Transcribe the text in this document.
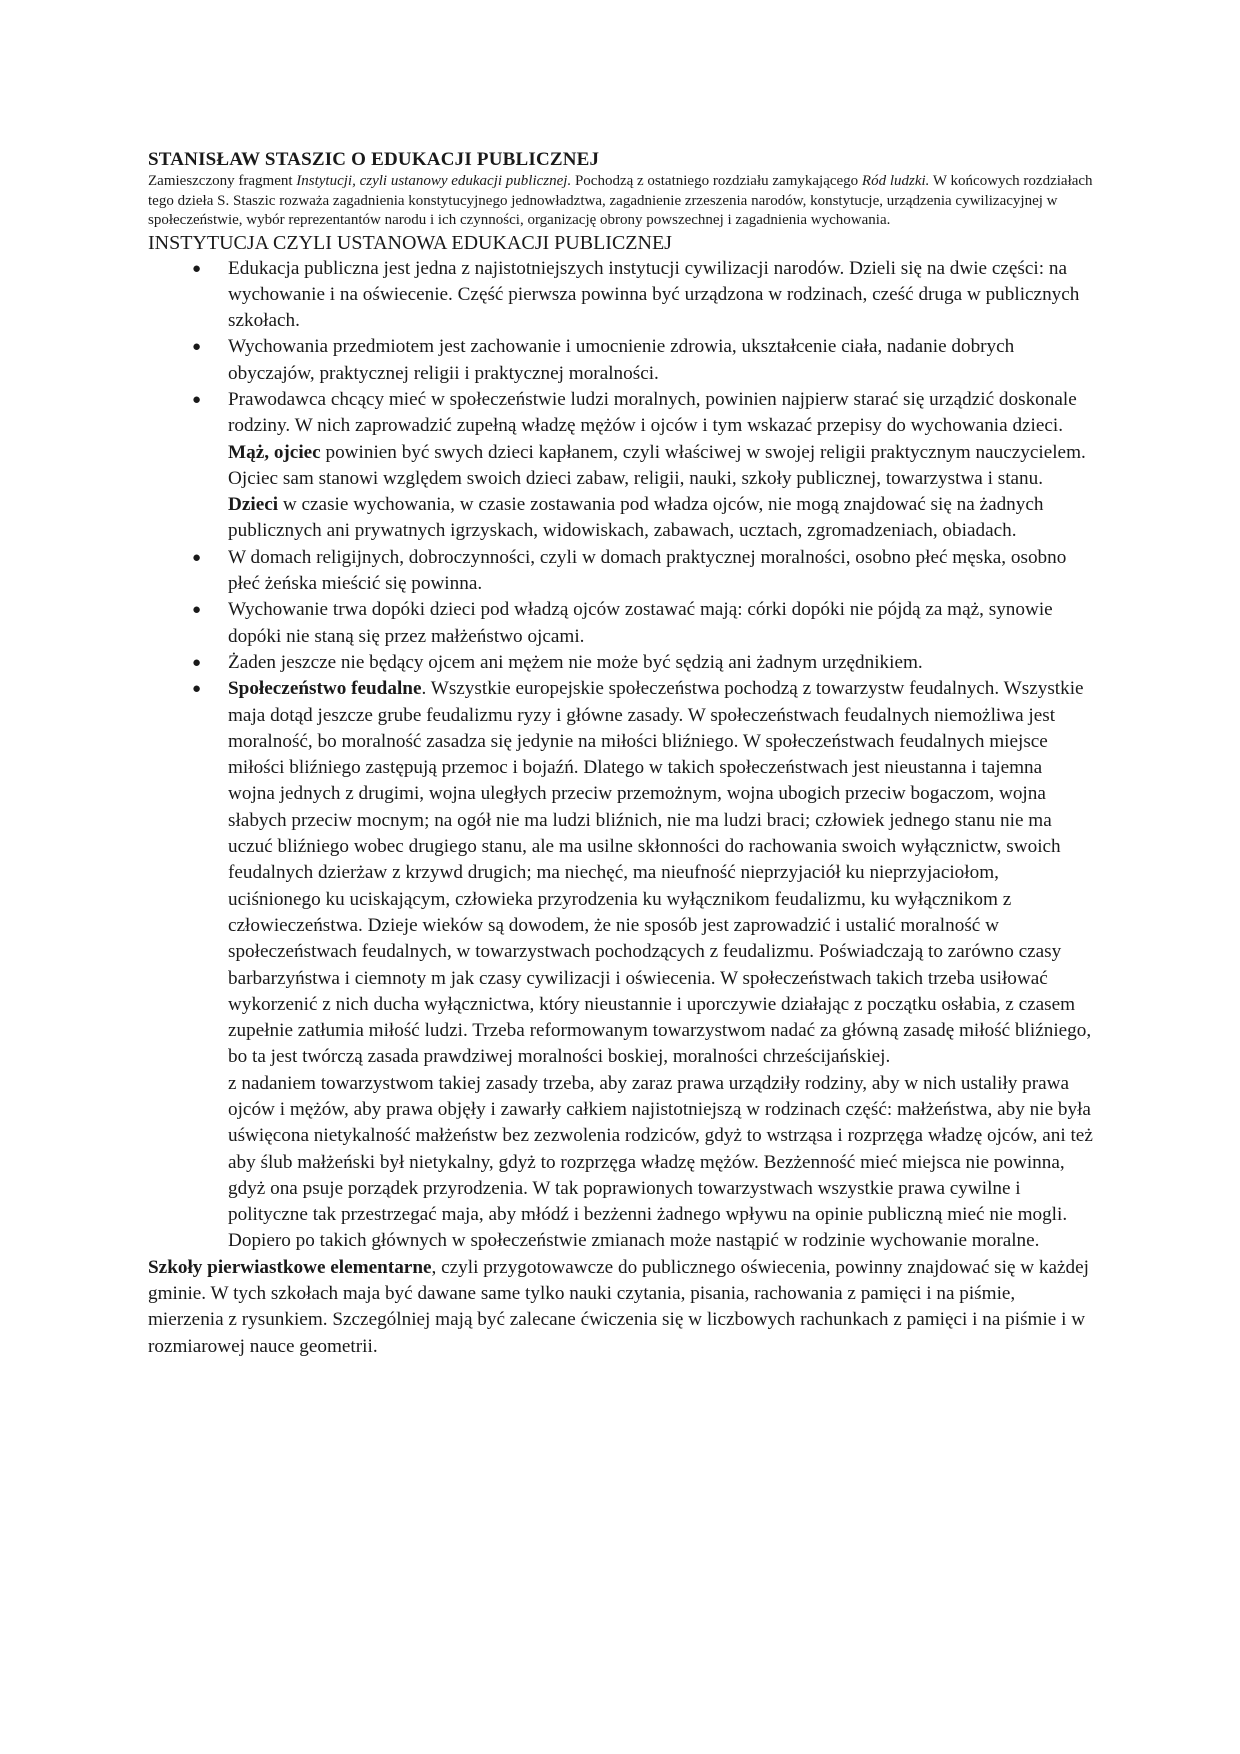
STANISŁAW STASZIC O EDUKACJI PUBLICZNEJ

Zamieszczony fragment Instytucji, czyli ustanowy edukacji publicznej. Pochodzą z ostatniego rozdziału zamykającego Ród ludzki. W końcowych rozdziałach tego dzieła S. Staszic rozważa zagadnienia konstytucyjnego jednowładztwa, zagadnienie zrzeszenia narodów, konstytucje, urządzenia cywilizacyjnej w społeczeństwie, wybór reprezentantów narodu i ich czynności, organizację obrony powszechnej i zagadnienia wychowania.

INSTYTUCJA CZYLI USTANOWA EDUKACJI PUBLICZNEJ

● Edukacja publiczna jest jedna z najistotniejszych instytucji cywilizacji narodów. Dzieli się na dwie części: na wychowanie i na oświecenie. Część pierwsza powinna być urządzona w rodzinach, cześć druga w publicznych szkołach.
● Wychowania przedmiotem jest zachowanie i umocnienie zdrowia, ukształcenie ciała, nadanie dobrych obyczajów, praktycznej religii i praktycznej moralności.
● Prawodawca chcący mieć w społeczeństwie ludzi moralnych, powinien najpierw starać się urządzić doskonale rodziny. W nich zaprowadzić zupełną władzę mężów i ojców i tym wskazać przepisy do wychowania dzieci. Mąż, ojciec powinien być swych dzieci kapłanem, czyli właściwej w swojej religii praktycznym nauczycielem. Ojciec sam stanowi względem swoich dzieci zabaw, religii, nauki, szkoły publicznej, towarzystwa i stanu. Dzieci w czasie wychowania, w czasie zostawania pod władza ojców, nie mogą znajdować się na żadnych publicznych ani prywatnych igrzyskach, widowiskach, zabawach, ucztach, zgromadzeniach, obiadach.
● W domach religijnych, dobroczynności, czyli w domach praktycznej moralności, osobno płeć męska, osobno płeć żeńska mieścić się powinna.
● Wychowanie trwa dopóki dzieci pod władzą ojców zostawać mają: córki dopóki nie pójdą za mąż, synowie dopóki nie staną się przez małżeństwo ojcami.
● Żaden jeszcze nie będący ojcem ani mężem nie może być sędzią ani żadnym urzędnikiem.
● Społeczeństwo feudalne. Wszystkie europejskie społeczeństwa pochodzą z towarzystw feudalnych. Wszystkie maja dotąd jeszcze grube feudalizmu ryzy i główne zasady. W społeczeństwach feudalnych niemożliwa jest moralność, bo moralność zasadza się jedynie na miłości bliźniego. W społeczeństwach feudalnych miejsce miłości bliźniego zastępują przemoc i bojaźń. Dlatego w takich społeczeństwach jest nieustanna i tajemna wojna jednych z drugimi, wojna uległych przeciw przemożnym, wojna ubogich przeciw bogaczom, wojna słabych przeciw mocnym; na ogół nie ma ludzi bliźnich, nie ma ludzi braci; człowiek jednego stanu nie ma uczuć bliźniego wobec drugiego stanu, ale ma usilne skłonności do rachowania swoich wyłącznictw, swoich feudalnych dzierżaw z krzywd drugich; ma niechęć, ma nieufność nieprzyjaciół ku nieprzyjaciołom, uciśnionego ku uciskającym, człowieka przyrodzenia ku wyłącznikom feudalizmu, ku wyłącznikom z człowieczeństwa. Dzieje wieków są dowodem, że nie sposób jest zaprowadzić i ustalić moralność w społeczeństwach feudalnych, w towarzystwach pochodzących z feudalizmu. Poświadczają to zarówno czasy barbarzyństwa i ciemnoty m jak czasy cywilizacji i oświecenia. W społeczeństwach takich trzeba usiłować wykorzenić z nich ducha wyłącznictwa, który nieustannie i uporczywie działając z początku osłabia, z czasem zupełnie zatłumia miłość ludzi. Trzeba reformowanym towarzystwom nadać za główną zasadę miłość bliźniego, bo ta jest twórczą zasada prawdziwej moralności boskiej, moralności chrześcijańskiej.

z nadaniem towarzystwom takiej zasady trzeba, aby zaraz prawa urządziły rodziny, aby w nich ustaliły prawa ojców i mężów, aby prawa objęły i zawarły całkiem najistotniejszą w rodzinach część: małżeństwa, aby nie była uświęcona nietykalność małżeństw bez zezwolenia rodziców, gdyż to wstrząsa i rozprzęga władzę ojców, ani też aby ślub małżeński był nietykalny, gdyż to rozprzęga władzę mężów. Bezżenność mieć miejsca nie powinna, gdyż ona psuje porządek przyrodzenia. W tak poprawionych towarzystwach wszystkie prawa cywilne i polityczne tak przestrzegać maja, aby młódź i bezżenni żadnego wpływu na opinie publiczną mieć nie mogli. Dopiero po takich głównych w społeczeństwie zmianach może nastąpić w rodzinie wychowanie moralne.

Szkoły pierwiastkowe elementarne, czyli przygotowawcze do publicznego oświecenia, powinny znajdować się w każdej gminie. W tych szkołach maja być dawane same tylko nauki czytania, pisania, rachowania z pamięci i na piśmie, mierzenia z rysunkiem. Szczególniej mają być zalecane ćwiczenia się w liczbowych rachunkach z pamięci i na piśmie i w rozmiarowej nauce geometrii.
